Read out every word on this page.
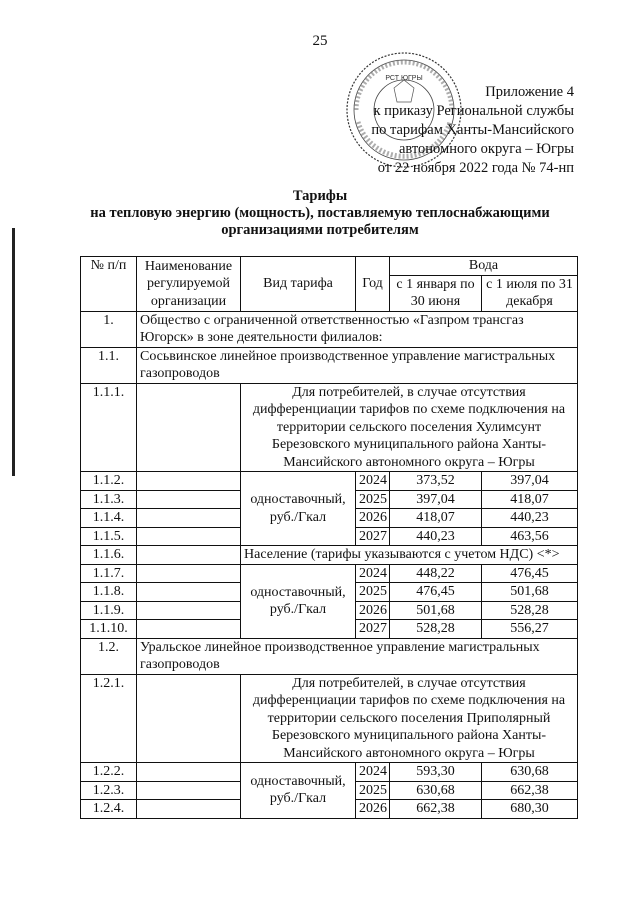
25
РСТ ЮГРЫ
Приложение 4
к приказу Региональной службы
по тарифам Ханты-Мансийского
автономного округа – Югры
от 22 ноября 2022 года № 74-нп
Тарифы
на тепловую энергию (мощность), поставляемую теплоснабжающими
организациями потребителям
№ п/п	Наименование регулируемой организации	Вид тарифа	Год	Вода	
				с 1 января по 30 июня	с 1 июля по 31 декабря
1.	Общество с ограниченной ответственностью «Газпром трансгаз Югорск» в зоне деятельности филиалов:				
1.1.	Сосьвинское линейное производственное управление магистральных газопроводов				
1.1.1.		Для потребителей, в случае отсутствия дифференциации тарифов по схеме подключения на территории сельского поселения Хулимсунт Березовского муниципального района Ханты-Мансийского автономного округа – Югры			
1.1.2.		одноставочный, руб./Гкал	2024	373,52	397,04
1.1.3.			2025	397,04	418,07
1.1.4.			2026	418,07	440,23
1.1.5.			2027	440,23	463,56
1.1.6.		Население (тарифы указываются с учетом НДС) <*>			
1.1.7.		одноставочный, руб./Гкал	2024	448,22	476,45
1.1.8.			2025	476,45	501,68
1.1.9.			2026	501,68	528,28
1.1.10.			2027	528,28	556,27
1.2.	Уральское линейное производственное управление магистральных газопроводов				
1.2.1.		Для потребителей, в случае отсутствия дифференциации тарифов по схеме подключения на территории сельского поселения Приполярный Березовского муниципального района Ханты-Мансийского автономного округа – Югры			
1.2.2.		одноставочный, руб./Гкал	2024	593,30	630,68
1.2.3.			2025	630,68	662,38
1.2.4.			2026	662,38	680,30
